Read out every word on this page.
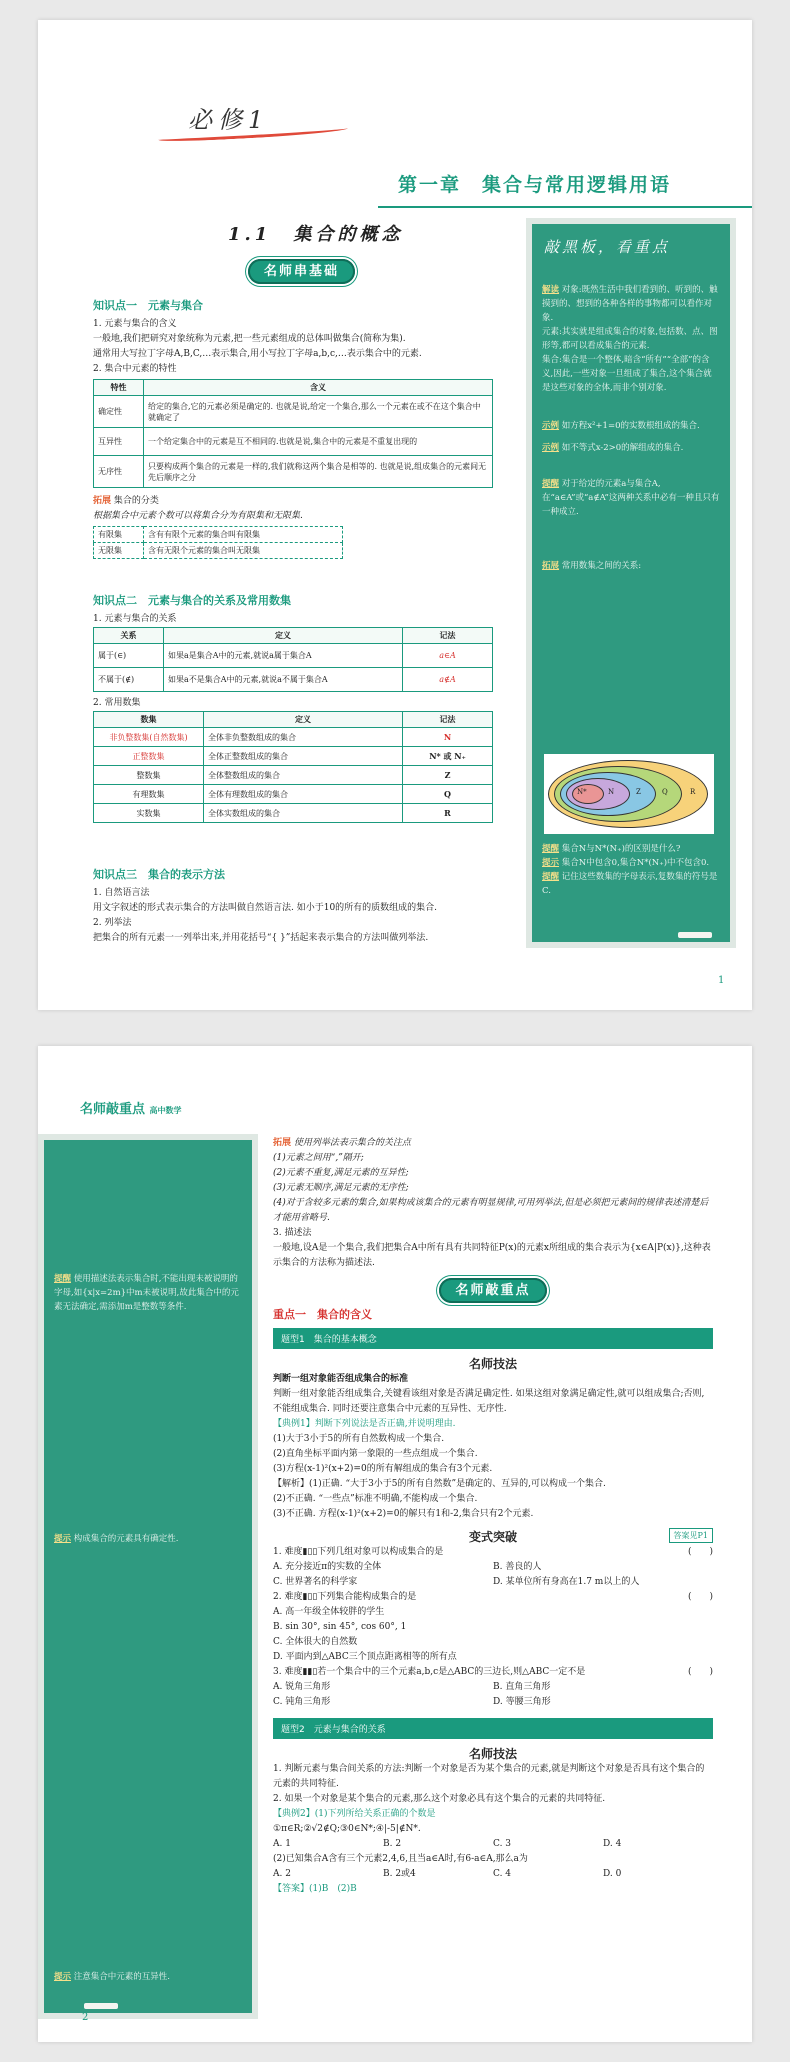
必修1
第一章　集合与常用逻辑用语
1.1　集合的概念
名师串基础
知识点一　元素与集合
1. 元素与集合的含义
一般地,我们把研究对象统称为元素,把一些元素组成的总体叫做集合(简称为集).
通常用大写拉丁字母A,B,C,…表示集合,用小写拉丁字母a,b,c,…表示集合中的元素.
2. 集合中元素的特性
特性	含义
确定性	给定的集合,它的元素必须是确定的. 也就是说,给定一个集合,那么一个元素在或不在这个集合中就确定了
互异性	一个给定集合中的元素是互不相同的.也就是说,集合中的元素是不重复出现的
无序性	只要构成两个集合的元素是一样的,我们就称这两个集合是相等的. 也就是说,组成集合的元素间无先后顺序之分
拓展 集合的分类
根据集合中元素个数可以将集合分为有限集和无限集.
有限集	含有有限个元素的集合叫有限集
无限集	含有无限个元素的集合叫无限集
知识点二　元素与集合的关系及常用数集
1. 元素与集合的关系
关系	定义	记法
属于(∈)	如果a是集合A中的元素,就说a属于集合A	a∈A
不属于(∉)	如果a不是集合A中的元素,就说a不属于集合A	a∉A
2. 常用数集
数集	定义	记法
非负整数集(自然数集)	全体非负整数组成的集合	N
正整数集	全体正整数组成的集合	N* 或 N₊
整数集	全体整数组成的集合	Z
有理数集	全体有理数组成的集合	Q
实数集	全体实数组成的集合	R
知识点三　集合的表示方法
1. 自然语言法
用文字叙述的形式表示集合的方法叫做自然语言法. 如小于10的所有的质数组成的集合.
2. 列举法
把集合的所有元素一一列举出来,并用花括号“{ }”括起来表示集合的方法叫做列举法.
敲黑板，看重点
解读 对象:既然生活中我们看到的、听到的、触摸到的、想到的各种各样的事物都可以看作对象.
元素:其实就是组成集合的对象,包括数、点、图形等,都可以看成集合的元素.
集合:集合是一个整体,暗含“所有”“全部”的含义,因此,一些对象一旦组成了集合,这个集合就是这些对象的全体,而非个别对象.
示例 如方程x²+1=0的实数根组成的集合.
示例 如不等式x-2>0的解组成的集合.
提醒 对于给定的元素a与集合A,在“a∈A”或“a∉A”这两种关系中必有一种且只有一种成立.
拓展 常用数集之间的关系:
N*	N	Z	Q	R
提醒 集合N与N*(N₊)的区别是什么?
提示 集合N中包含0,集合N*(N₊)中不包含0.
提醒 记住这些数集的字母表示,复数集的符号是C.
1
名师敲重点 高中数学
提醒 使用描述法表示集合时,不能出现未被说明的字母,如{x|x=2m}中m未被说明,故此集合中的元素无法确定,需添加m是整数等条件.
提示 构成集合的元素具有确定性.
提示 注意集合中元素的互异性.
拓展 使用列举法表示集合的关注点
(1)元素之间用“,”隔开;
(2)元素不重复,满足元素的互异性;
(3)元素无顺序,满足元素的无序性;
(4)对于含较多元素的集合,如果构成该集合的元素有明显规律,可用列举法,但是必须把元素间的规律表述清楚后才能用省略号.
3. 描述法
一般地,设A是一个集合,我们把集合A中所有具有共同特征P(x)的元素x所组成的集合表示为{x∈A|P(x)},这种表示集合的方法称为描述法.
名师敲重点
重点一　集合的含义
题型1　集合的基本概念
名师技法
判断一组对象能否组成集合的标准
判断一组对象能否组成集合,关键看该组对象是否满足确定性. 如果这组对象满足确定性,就可以组成集合;否则,不能组成集合. 同时还要注意集合中元素的互异性、无序性.
【典例1】判断下列说法是否正确,并说明理由.
(1)大于3小于5的所有自然数构成一个集合.
(2)直角坐标平面内第一象限的一些点组成一个集合.
(3)方程(x-1)²(x+2)=0的所有解组成的集合有3个元素.
【解析】(1)正确. “大于3小于5的所有自然数”是确定的、互异的,可以构成一个集合.
(2)不正确. “一些点”标准不明确,不能构成一个集合.
(3)不正确. 方程(x-1)²(x+2)=0的解只有1和-2,集合只有2个元素.
变式突破	答案见P1
1. 难度▮▯▯下列几组对象可以构成集合的是	(　　)
A. 充分接近π的实数的全体	B. 善良的人
C. 世界著名的科学家	D. 某单位所有身高在1.7 m以上的人
2. 难度▮▯▯下列集合能构成集合的是	(　　)
A. 高一年级全体较胖的学生
B. sin 30°, sin 45°, cos 60°, 1
C. 全体很大的自然数
D. 平面内到△ABC三个顶点距离相等的所有点
3. 难度▮▮▯若一个集合中的三个元素a,b,c是△ABC的三边长,则△ABC一定不是	(　　)
A. 锐角三角形	B. 直角三角形
C. 钝角三角形	D. 等腰三角形
题型2　元素与集合的关系
名师技法
1. 判断元素与集合间关系的方法:判断一个对象是否为某个集合的元素,就是判断这个对象是否具有这个集合的元素的共同特征.
2. 如果一个对象是某个集合的元素,那么这个对象必具有这个集合的元素的共同特征.
【典例2】(1)下列所给关系正确的个数是
①π∈R;②√2∉Q;③0∈N*;④|-5|∉N*.
A. 1	B. 2	C. 3	D. 4
(2)已知集合A含有三个元素2,4,6,且当a∈A时,有6-a∈A,那么a为
A. 2	B. 2或4	C. 4	D. 0
【答案】(1)B　(2)B
2
